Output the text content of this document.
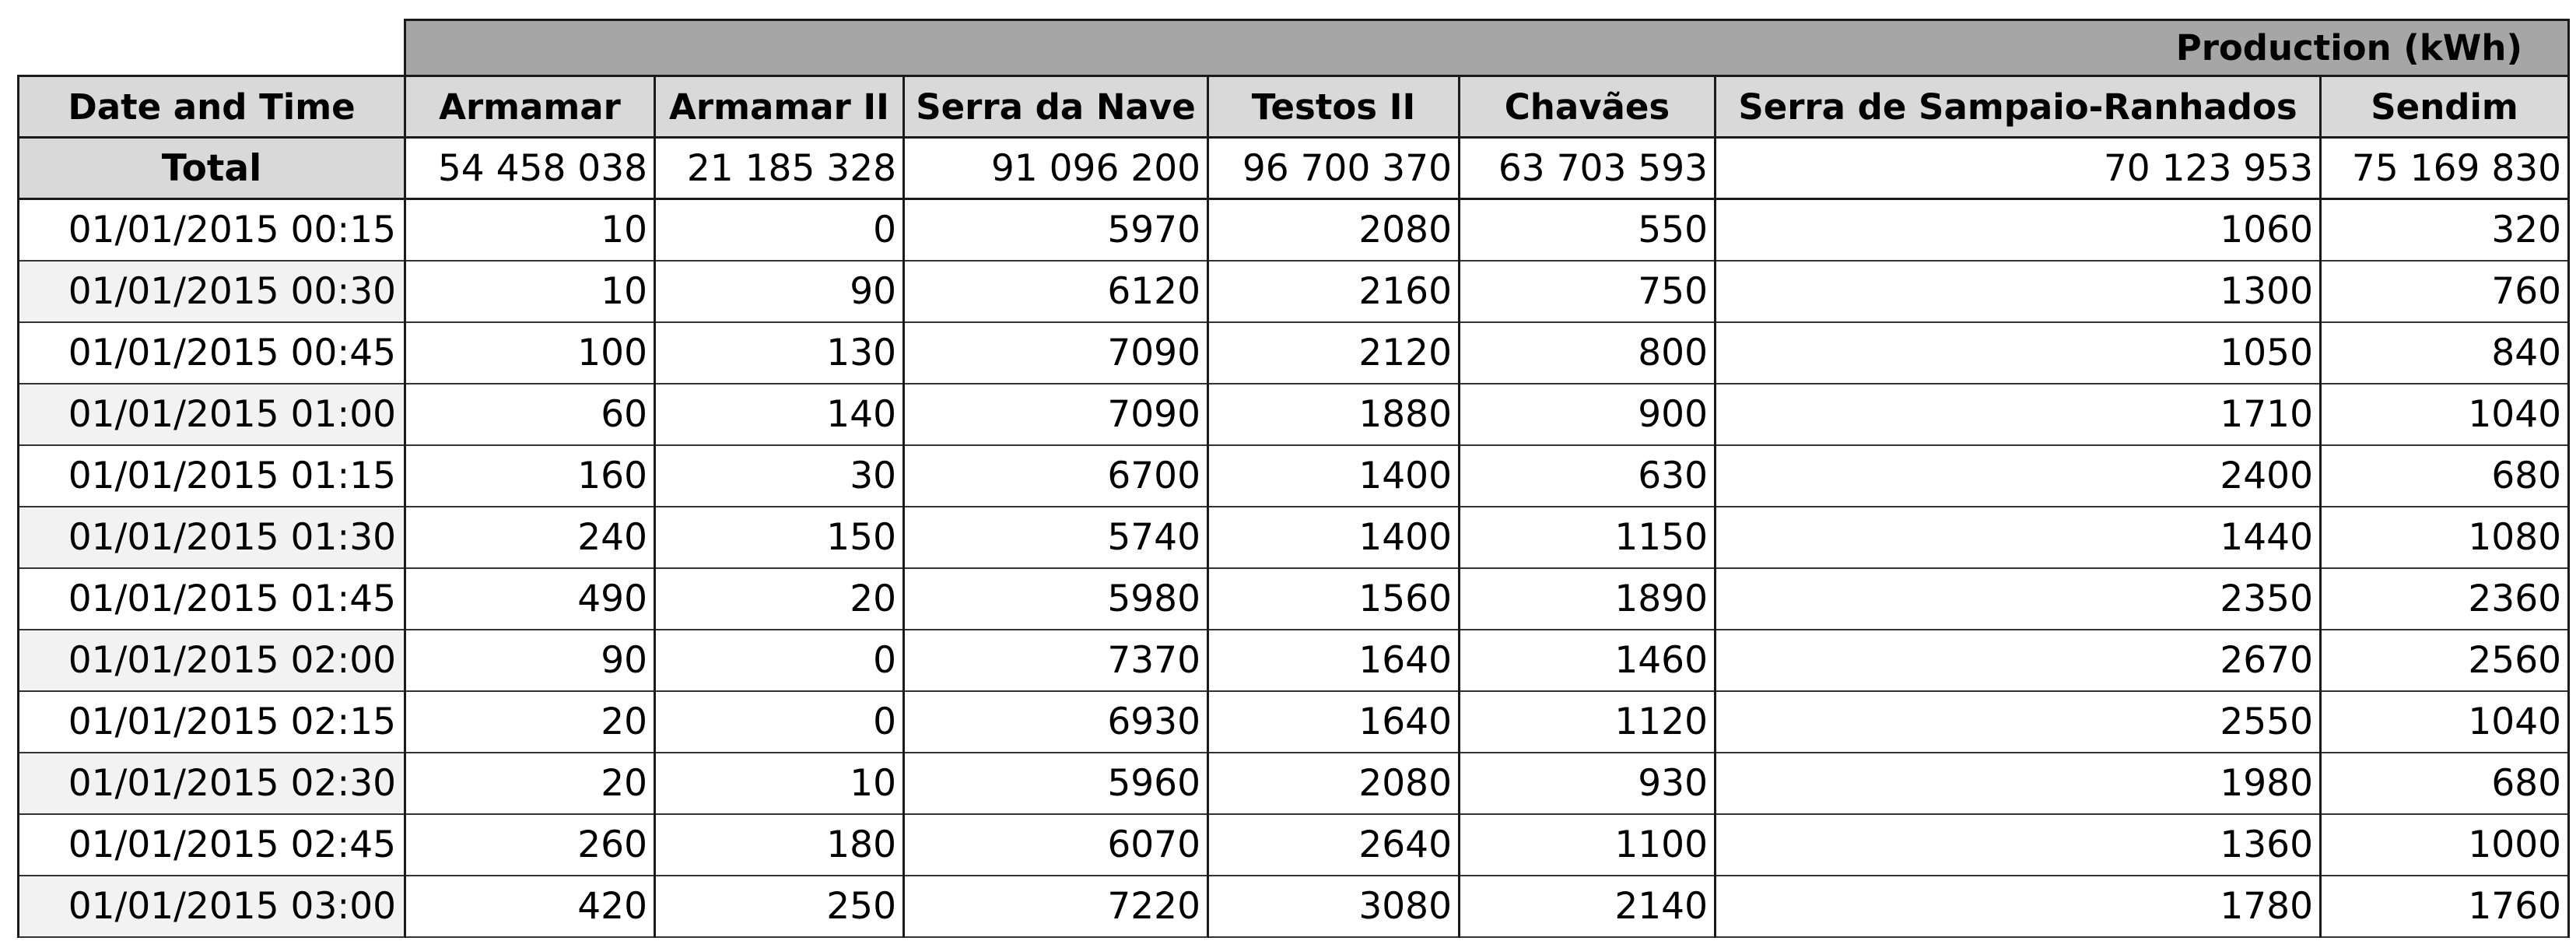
	Production (kWh)						
Date and Time	Armamar	Armamar II	Serra da Nave	Testos II	Chavães	Serra de Sampaio-Ranhados	Sendim
Total	54 458 038	21 185 328	91 096 200	96 700 370	63 703 593	70 123 953	75 169 830
01/01/2015 00:15	10	0	5970	2080	550	1060	320
01/01/2015 00:30	10	90	6120	2160	750	1300	760
01/01/2015 00:45	100	130	7090	2120	800	1050	840
01/01/2015 01:00	60	140	7090	1880	900	1710	1040
01/01/2015 01:15	160	30	6700	1400	630	2400	680
01/01/2015 01:30	240	150	5740	1400	1150	1440	1080
01/01/2015 01:45	490	20	5980	1560	1890	2350	2360
01/01/2015 02:00	90	0	7370	1640	1460	2670	2560
01/01/2015 02:15	20	0	6930	1640	1120	2550	1040
01/01/2015 02:30	20	10	5960	2080	930	1980	680
01/01/2015 02:45	260	180	6070	2640	1100	1360	1000
01/01/2015 03:00	420	250	7220	3080	2140	1780	1760
